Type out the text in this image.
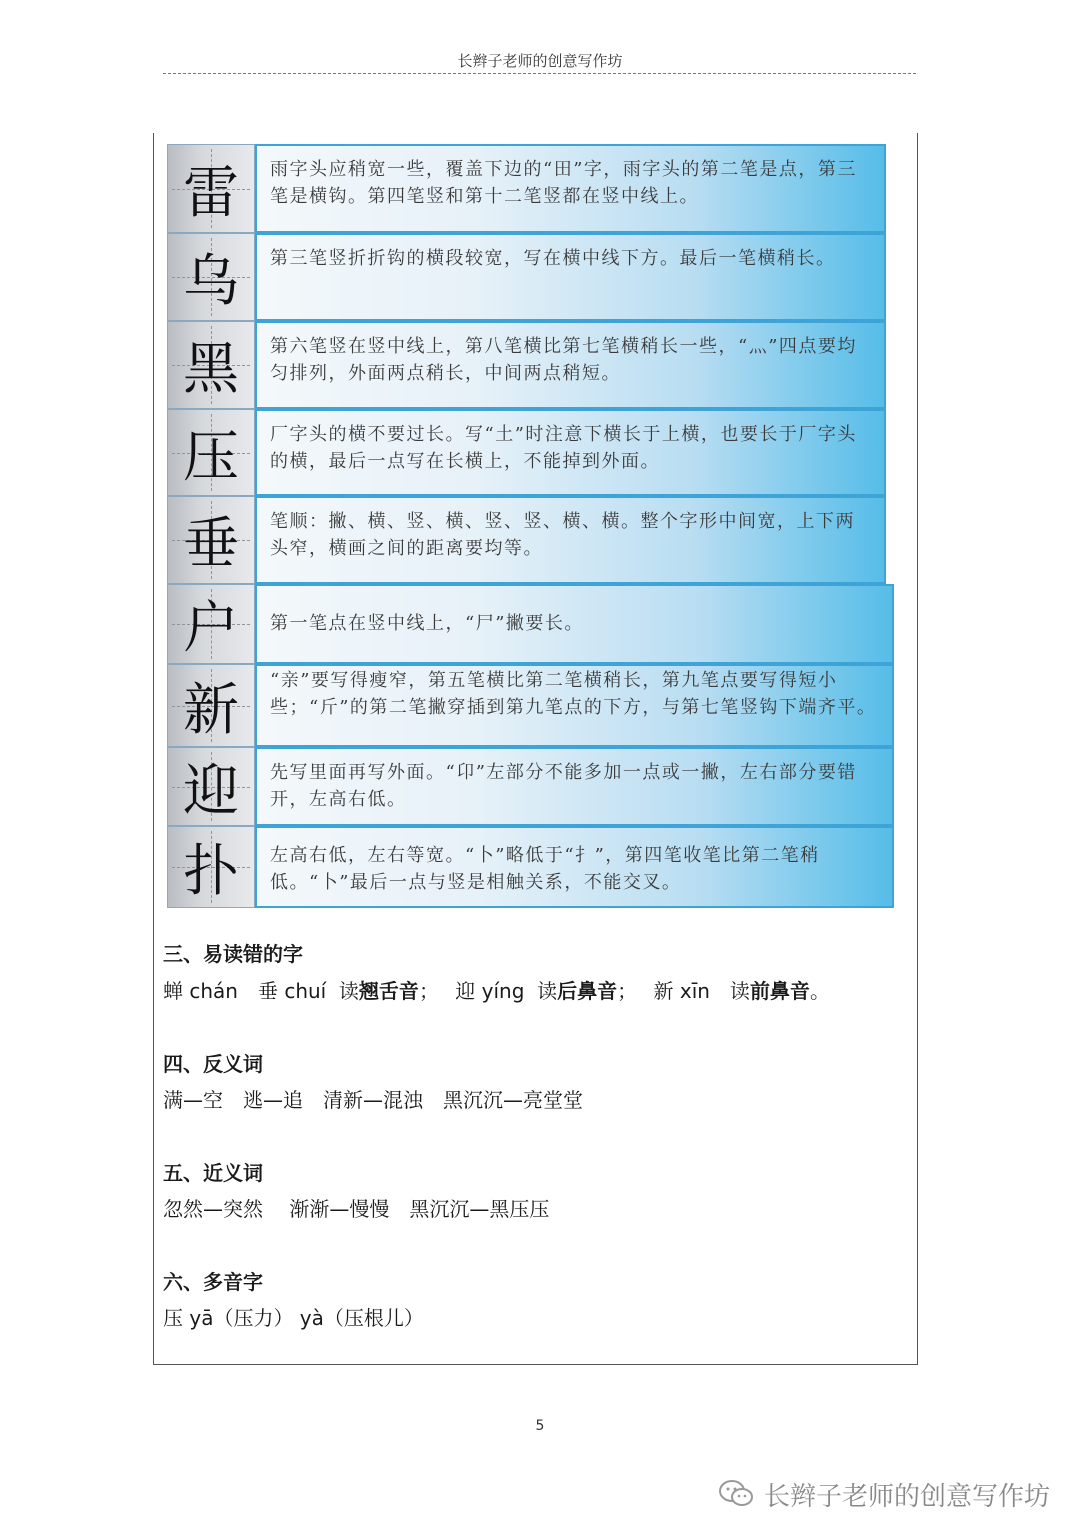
长辫子老师的创意写作坊
雷	雨字头应稍宽一些，覆盖下边的“田”字，雨字头的第二笔是点，第三笔是横钩。第四笔竖和第十二笔竖都在竖中线上。
乌	第三笔竖折折钩的横段较宽，写在横中线下方。最后一笔横稍长。
黑	第六笔竖在竖中线上，第八笔横比第七笔横稍长一些，“灬”四点要均匀排列，外面两点稍长，中间两点稍短。
压	厂字头的横不要过长。写“土”时注意下横长于上横，也要长于厂字头的横，最后一点写在长横上，不能掉到外面。
垂	笔顺：撇、横、竖、横、竖、竖、横、横。整个字形中间宽，上下两头窄，横画之间的距离要均等。
户	第一笔点在竖中线上，“尸”撇要长。
新	“亲”要写得瘦窄，第五笔横比第二笔横稍长，第九笔点要写得短小些；“斤”的第二笔撇穿插到第九笔点的下方，与第七笔竖钩下端齐平。
迎	先写里面再写外面。“卬”左部分不能多加一点或一撇，左右部分要错开，左高右低。
扑	左高右低，左右等宽。“卜”略低于“扌”，第四笔收笔比第二笔稍低。“卜”最后一点与竖是相触关系，不能交叉。
三、易读错的字
蝉 chán　垂 chuí  读翘舌音；　 迎 yíng  读后鼻音；　 新 xīn　读前鼻音。
四、反义词
满—空　逃—追　清新—混浊　黑沉沉—亮堂堂
五、近义词
忽然—突然　 渐渐—慢慢　黑沉沉—黑压压
六、多音字
压 yā（压力） yà（压根儿）
5
长辫子老师的创意写作坊
